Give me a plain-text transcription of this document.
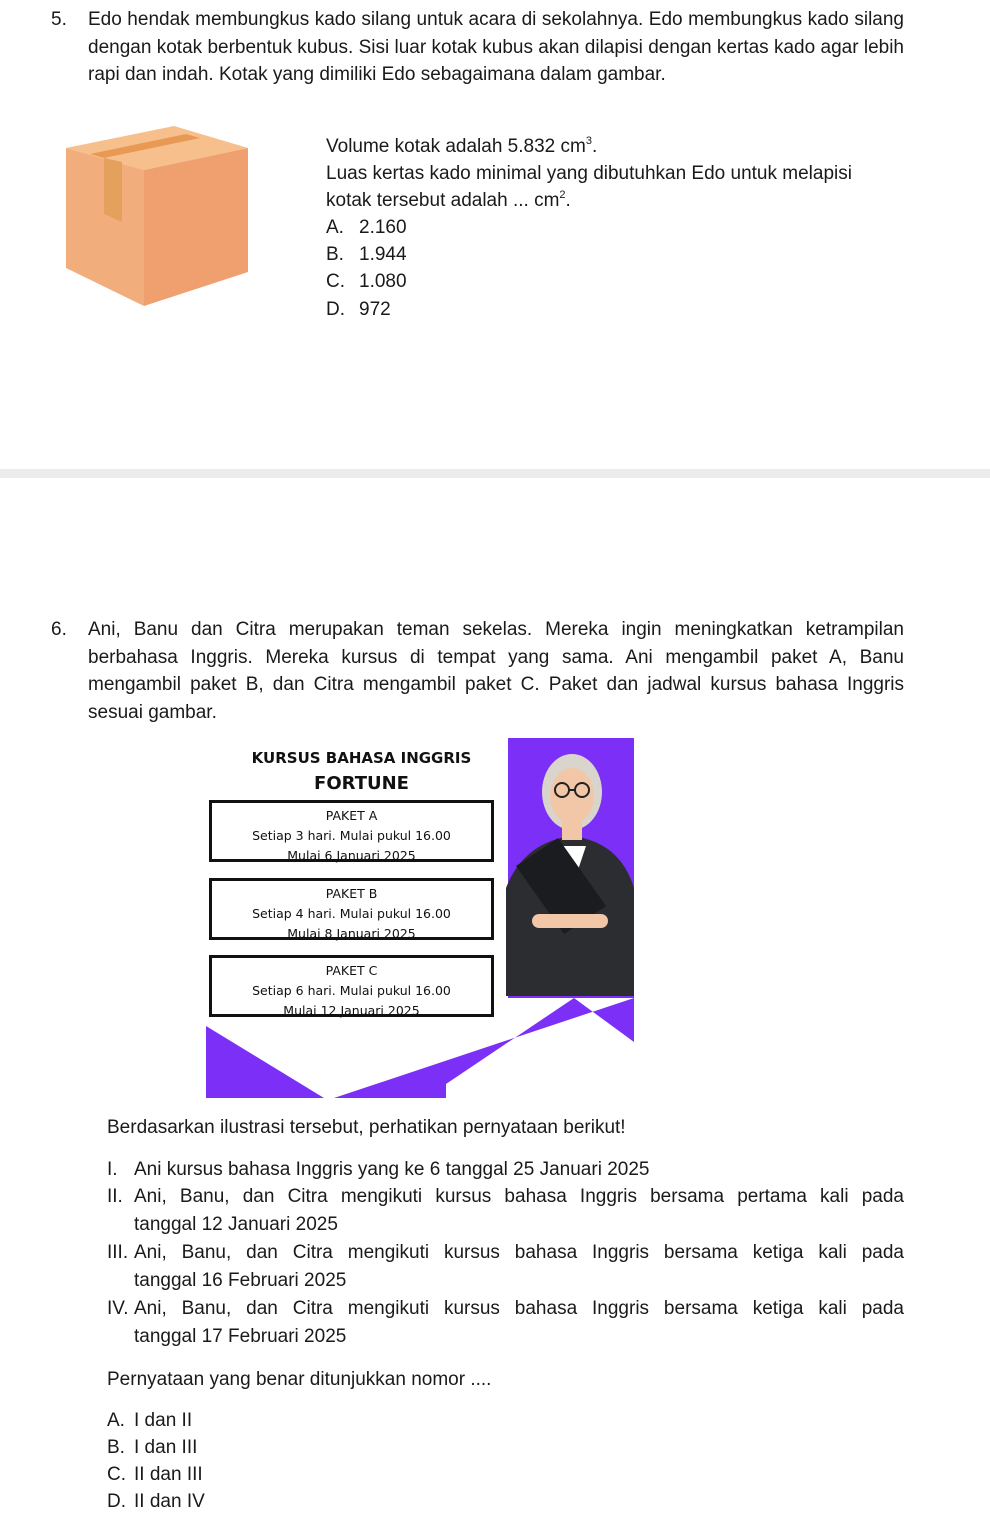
5. Edo hendak membungkus kado silang untuk acara di sekolahnya. Edo membungkus kado silang dengan kotak berbentuk kubus. Sisi luar kotak kubus akan dilapisi dengan kertas kado agar lebih rapi dan indah. Kotak yang dimiliki Edo sebagaimana dalam gambar.
Volume kotak adalah 5.832 $cm^3$.
Luas kertas kado minimal yang dibutuhkan Edo untuk melapisi
kotak tersebut adalah ... $cm^2$.
A. 2.160
B. 1.944
C. 1.080
D. 972
6. Ani, Banu dan Citra merupakan teman sekelas. Mereka ingin meningkatkan ketrampilan berbahasa Inggris. Mereka kursus di tempat yang sama. Ani mengambil paket A, Banu mengambil paket B, dan Citra mengambil paket C. Paket dan jadwal kursus bahasa Inggris sesuai gambar.
KURSUS BAHASA INGGRIS
FORTUNE
PAKET A
Setiap 3 hari. Mulai pukul 16.00
Mulai 6 Januari 2025
PAKET B
Setiap 4 hari. Mulai pukul 16.00
Mulai 8 Januari 2025
PAKET C
Setiap 6 hari. Mulai pukul 16.00
Mulai 12 Januari 2025
Berdasarkan ilustrasi tersebut, perhatikan pernyataan berikut!
I. Ani kursus bahasa Inggris yang ke 6 tanggal 25 Januari 2025
II. Ani, Banu, dan Citra mengikuti kursus bahasa Inggris bersama pertama kali pada
tanggal 12 Januari 2025
III. Ani, Banu, dan Citra mengikuti kursus bahasa Inggris bersama ketiga kali pada
tanggal 16 Februari 2025
IV. Ani, Banu, dan Citra mengikuti kursus bahasa Inggris bersama ketiga kali pada
tanggal 17 Februari 2025
Pernyataan yang benar ditunjukkan nomor ....
A. I dan II
B. I dan III
C. II dan III
D. II dan IV
